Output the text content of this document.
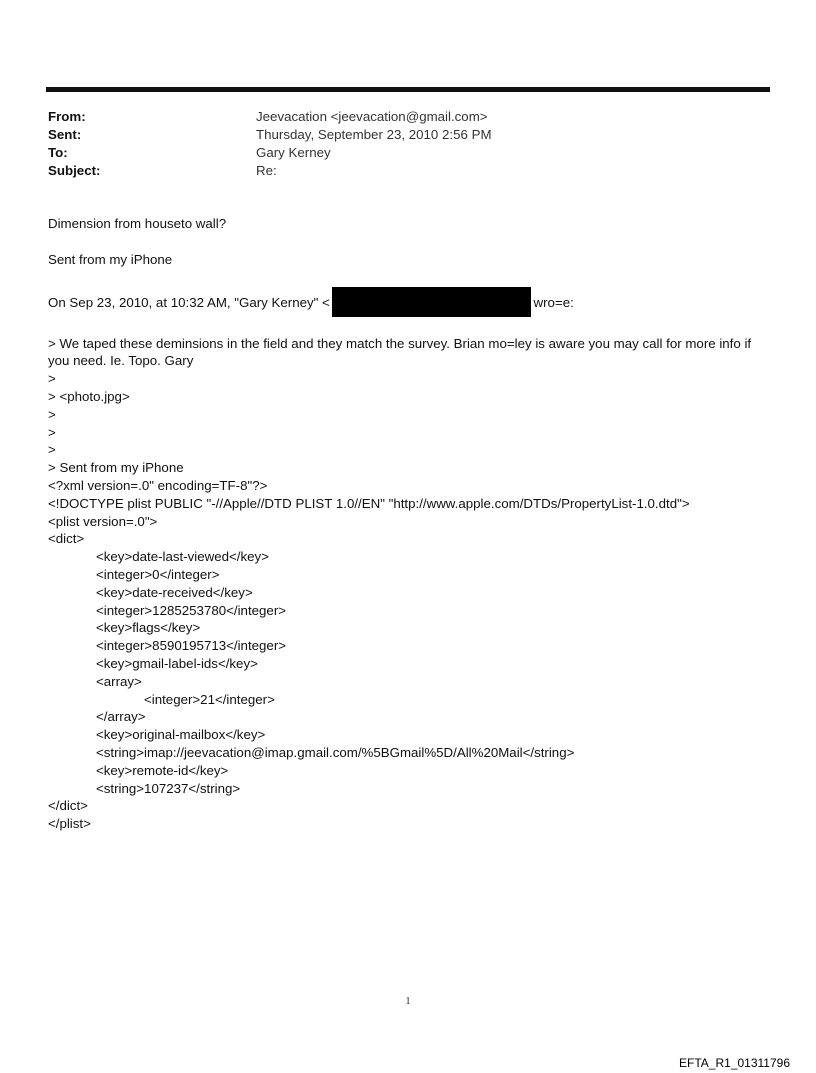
From:	Jeevacation <jeevacation@gmail.com>
Sent:	Thursday, September 23, 2010 2:56 PM
To:	Gary Kerney
Subject:	Re:

Dimension from houseto wall?

Sent from my iPhone

On Sep 23, 2010, at 10:32 AM, "Gary Kerney" <	wro=e:

> We taped these deminsions in the field and they match the survey. Brian mo=ley is aware you may call for more info if you need. Ie. Topo. Gary

>

> <photo.jpg>

>

>

>

> Sent from my iPhone

<?xml version=.0" encoding=TF-8"?>

<!DOCTYPE plist PUBLIC "-//Apple//DTD PLIST 1.0//EN" "http://www.apple.com/DTDs/PropertyList-1.0.dtd">

<plist version=.0">

<dict>

<key>date-last-viewed</key>

<integer>0</integer>

<key>date-received</key>

<integer>1285253780</integer>

<key>flags</key>

<integer>8590195713</integer>

<key>gmail-label-ids</key>

<array>

<integer>21</integer>

</array>

<key>original-mailbox</key>

<string>imap://jeevacation@imap.gmail.com/%5BGmail%5D/All%20Mail</string>

<key>remote-id</key>

<string>107237</string>

</dict>

</plist>

1
EFTA_R1_01311796
